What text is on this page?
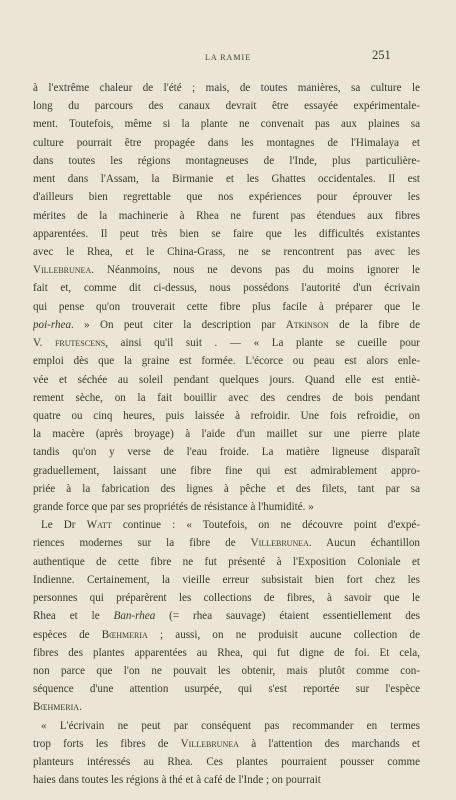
LA RAMIE	251
à l'extrême chaleur de l'été ; mais, de toutes manières, sa culture le
long du parcours des canaux devrait être essayée expérimentale-
ment. Toutefois, même si la plante ne convenait pas aux plaines sa
culture pourrait être propagée dans les montagnes de l'Himalaya et
dans toutes les régions montagneuses de l'Inde, plus particulière-
ment dans l'Assam, la Birmanie et les Ghattes occidentales. Il est
d'ailleurs bien regrettable que nos expériences pour éprouver les
mérites de la machinerie à Rhea ne furent pas étendues aux fibres
apparentées. Il peut très bien se faire que les difficultés existantes
avec le Rhea, et le China-Grass, ne se rencontrent pas avec les
Villebrunea. Néanmoins, nous ne devons pas du moins ignorer le
fait et, comme dit ci-dessus, nous possédons l'autorité d'un écrivain
qui pense qu'on trouverait cette fibre plus facile à préparer que le
poi-rhea. » On peut citer la description par Atkinson de la fibre de
V. frutescens, ainsi qu'il suit . — « La plante se cueille pour
emploi dès que la graine est formée. L'écorce ou peau est alors enle-
vée et séchée au soleil pendant quelques jours. Quand elle est entiè-
rement sèche, on la fait bouillir avec des cendres de bois pendant
quatre ou cinq heures, puis laissée à refroidir. Une fois refroidie, on
la macère (après broyage) à l'aide d'un maillet sur une pierre plate
tandis qu'on y verse de l'eau froide. La matière ligneuse disparaît
graduellement, laissant une fibre fine qui est admirablement appro-
priée à la fabrication des lignes à pêche et des filets, tant par sa
grande force que par ses propriétés de résistance à l'humidité. »
Le Dr Watt continue : « Toutefois, on ne découvre point d'expé-
riences modernes sur la fibre de Villebrunea. Aucun échantillon
authentique de cette fibre ne fut présenté à l'Exposition Coloniale et
Indienne. Certainement, la vieille erreur subsistait bien fort chez les
personnes qui préparèrent les collections de fibres, à savoir que le
Rhea et le Ban-rhea (= rhea sauvage) étaient essentiellement des
espèces de Bœhmeria ; aussi, on ne produisit aucune collection de
fibres des plantes apparentées au Rhea, qui fut digne de foi. Et cela,
non parce que l'on ne pouvait les obtenir, mais plutôt comme con-
séquence d'une attention usurpée, qui s'est reportée sur l'espèce
Bœhmeria.
« L'écrivain ne peut par conséquent pas recommander en termes
trop forts les fibres de Villebrunea à l'attention des marchands et
planteurs intéressés au Rhea. Ces plantes pourraient pousser comme
haies dans toutes les régions à thé et à café de l'Inde ; on pourrait
